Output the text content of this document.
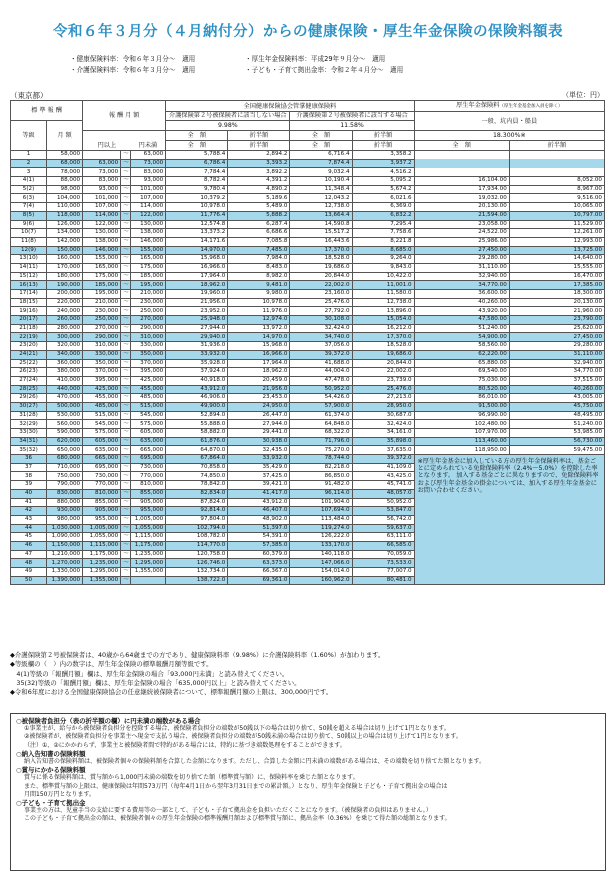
令和６年３月分（４月納付分）からの健康保険・厚生年金保険の保険料額表
・健康保険料率：令和６年３月分～　適用	・厚生年金保険料率：平成29年９月分～　適用
・介護保険料率：令和６年３月分～　適用	・子ども・子育て拠出金率：令和２年４月分～　適用
（東京都）	（単位：円）
標 準 報 酬		報 酬 月 額			全国健康保険協会管掌健康保険料				厚生年金保険料（厚生年金基金加入員を除く）	
					介護保険第２号被保険者に該当しない場合		介護保険第２号被保険者に該当する場合		一般、坑内員・船員	
等級	月 額				9.98%		11.58%			
					全　額	折半額	全　額	折半額	18.300%※	
		円以上		円未満	全　額	折半額	全　額	折半額	全　額	折半額
1	58,000		～	63,000	5,788.4	2,894.2	6,716.4	3,358.2		
2	68,000	63,000	～	73,000	6,786.4	3,393.2	7,874.4	3,937.2		
3	78,000	73,000	～	83,000	7,784.4	3,892.2	9,032.4	4,516.2		
4(1)	88,000	83,000	～	93,000	8,782.4	4,391.2	10,190.4	5,095.2	16,104.00	8,052.00
5(2)	98,000	93,000	～	101,000	9,780.4	4,890.2	11,348.4	5,674.2	17,934.00	8,967.00
6(3)	104,000	101,000	～	107,000	10,379.2	5,189.6	12,043.2	6,021.6	19,032.00	9,516.00
7(4)	110,000	107,000	～	114,000	10,978.0	5,489.0	12,738.0	6,369.0	20,130.00	10,065.00
8(5)	118,000	114,000	～	122,000	11,776.4	5,888.2	13,664.4	6,832.2	21,594.00	10,797.00
9(6)	126,000	122,000	～	130,000	12,574.8	6,287.4	14,590.8	7,295.4	23,058.00	11,529.00
10(7)	134,000	130,000	～	138,000	13,373.2	6,686.6	15,517.2	7,758.6	24,522.00	12,261.00
11(8)	142,000	138,000	～	146,000	14,171.6	7,085.8	16,443.6	8,221.8	25,986.00	12,993.00
12(9)	150,000	146,000	～	155,000	14,970.0	7,485.0	17,370.0	8,685.0	27,450.00	13,725.00
13(10)	160,000	155,000	～	165,000	15,968.0	7,984.0	18,528.0	9,264.0	29,280.00	14,640.00
14(11)	170,000	165,000	～	175,000	16,966.0	8,483.0	19,686.0	9,843.0	31,110.00	15,555.00
15(12)	180,000	175,000	～	185,000	17,964.0	8,982.0	20,844.0	10,422.0	32,940.00	16,470.00
16(13)	190,000	185,000	～	195,000	18,962.0	9,481.0	22,002.0	11,001.0	34,770.00	17,385.00
17(14)	200,000	195,000	～	210,000	19,960.0	9,980.0	23,160.0	11,580.0	36,600.00	18,300.00
18(15)	220,000	210,000	～	230,000	21,956.0	10,978.0	25,476.0	12,738.0	40,260.00	20,130.00
19(16)	240,000	230,000	～	250,000	23,952.0	11,976.0	27,792.0	13,896.0	43,920.00	21,960.00
20(17)	260,000	250,000	～	270,000	25,948.0	12,974.0	30,108.0	15,054.0	47,580.00	23,790.00
21(18)	280,000	270,000	～	290,000	27,944.0	13,972.0	32,424.0	16,212.0	51,240.00	25,620.00
22(19)	300,000	290,000	～	310,000	29,940.0	14,970.0	34,740.0	17,370.0	54,900.00	27,450.00
23(20)	320,000	310,000	～	330,000	31,936.0	15,968.0	37,056.0	18,528.0	58,560.00	29,280.00
24(21)	340,000	330,000	～	350,000	33,932.0	16,966.0	39,372.0	19,686.0	62,220.00	31,110.00
25(22)	360,000	350,000	～	370,000	35,928.0	17,964.0	41,688.0	20,844.0	65,880.00	32,940.00
26(23)	380,000	370,000	～	395,000	37,924.0	18,962.0	44,004.0	22,002.0	69,540.00	34,770.00
27(24)	410,000	395,000	～	425,000	40,918.0	20,459.0	47,478.0	23,739.0	75,030.00	37,515.00
28(25)	440,000	425,000	～	455,000	43,912.0	21,956.0	50,952.0	25,476.0	80,520.00	40,260.00
29(26)	470,000	455,000	～	485,000	46,906.0	23,453.0	54,426.0	27,213.0	86,010.00	43,005.00
30(27)	500,000	485,000	～	515,000	49,900.0	24,950.0	57,900.0	28,950.0	91,500.00	45,750.00
31(28)	530,000	515,000	～	545,000	52,894.0	26,447.0	61,374.0	30,687.0	96,990.00	48,495.00
32(29)	560,000	545,000	～	575,000	55,888.0	27,944.0	64,848.0	32,424.0	102,480.00	51,240.00
33(30)	590,000	575,000	～	605,000	58,882.0	29,441.0	68,322.0	34,161.0	107,970.00	53,985.00
34(31)	620,000	605,000	～	635,000	61,876.0	30,938.0	71,796.0	35,898.0	113,460.00	56,730.00
35(32)	650,000	635,000	～	665,000	64,870.0	32,435.0	75,270.0	37,635.0	118,950.00	59,475.00
36	680,000	665,000	～	695,000	67,864.0	33,932.0	78,744.0	39,372.0	※厚生年金基金に加入している方の厚生年金保険料率は、基金ごとに定められている免除保険料率（2.4%～5.0%）を控除した率となります。 加入する基金ごとに異なりますので、免除保険料率および厚生年金基金の掛金については、加入する厚生年金基金にお問い合わせください。	
37	710,000	695,000	～	730,000	70,858.0	35,429.0	82,218.0	41,109.0		
38	750,000	730,000	～	770,000	74,850.0	37,425.0	86,850.0	43,425.0		
39	790,000	770,000	～	810,000	78,842.0	39,421.0	91,482.0	45,741.0		
40	830,000	810,000	～	855,000	82,834.0	41,417.0	96,114.0	48,057.0		
41	880,000	855,000	～	905,000	87,824.0	43,912.0	101,904.0	50,952.0		
42	930,000	905,000	～	955,000	92,814.0	46,407.0	107,694.0	53,847.0		
43	980,000	955,000	～	1,005,000	97,804.0	48,902.0	113,484.0	56,742.0		
44	1,030,000	1,005,000	～	1,055,000	102,794.0	51,397.0	119,274.0	59,637.0		
45	1,090,000	1,055,000	～	1,115,000	108,782.0	54,391.0	126,222.0	63,111.0		
46	1,150,000	1,115,000	～	1,175,000	114,770.0	57,385.0	133,170.0	66,585.0		
47	1,210,000	1,175,000	～	1,235,000	120,758.0	60,379.0	140,118.0	70,059.0		
48	1,270,000	1,235,000	～	1,295,000	126,746.0	63,373.0	147,066.0	73,533.0		
49	1,330,000	1,295,000	～	1,355,000	132,734.0	66,367.0	154,014.0	77,007.0		
50	1,390,000	1,355,000	～		138,722.0	69,361.0	160,962.0	80,481.0		
◆介護保険第２号被保険者は、40歳から64歳までの方であり、健康保険料率（9.98%）に介護保険料率（1.60%）が加わります。
◆等級欄の（　）内の数字は、厚生年金保険の標準報酬月額等級です。
　4(1)等級の「報酬月額」欄は、厚生年金保険の場合「93,000円未満」と読み替えてください。
　35(32)等級の「報酬月額」欄は、厚生年金保険の場合「635,000円以上」と読み替えてください。
◆令和6年度における全国健康保険協会の任意継続被保険者について、標準報酬月額の上限は、300,000円です。
○被保険者負担分（表の折半額の欄）に円未満の端数がある場合
①事業主が、給与から被保険者負担分を控除する場合、被保険者負担分の端数が50銭以下の場合は切り捨て、50銭を超える場合は切り上げて1円となります。
②被保険者が、被保険者負担分を事業主へ現金で支払う場合、被保険者負担分の端数が50銭未満の場合は切り捨て、50銭以上の場合は切り上げて1円となります。
（注）①、②にかかわらず、事業主と被保険者間で特約がある場合には、特約に基づき端数処理をすることができます。
○納入告知書の保険料額
納入告知書の保険料額は、被保険者個々の保険料額を合算した金額になります。ただし、合算した金額に円未満の端数がある場合は、その端数を切り捨てた額となります。
○賞与にかかる保険料額
賞与に係る保険料額は、賞与額から1,000円未満の端数を切り捨てた額（標準賞与額）に、保険料率を乗じた額となります。
また、標準賞与額の上限は、健康保険は年間573万円（毎年4月1日から翌年3月31日までの累計額。）となり、厚生年金保険と子ども・子育て拠出金の場合は
月間150万円となります。
○子ども・子育て拠出金
事業主の方は、児童手当の支給に要する費用等の一部として、子ども・子育て拠出金を負担いただくことになります。（被保険者の負担はありません。）
この子ども・子育て拠出金の額は、被保険者個々の厚生年金保険の標準報酬月額および標準賞与額に、拠出金率（0.36%）を乗じて得た額の総額となります。
